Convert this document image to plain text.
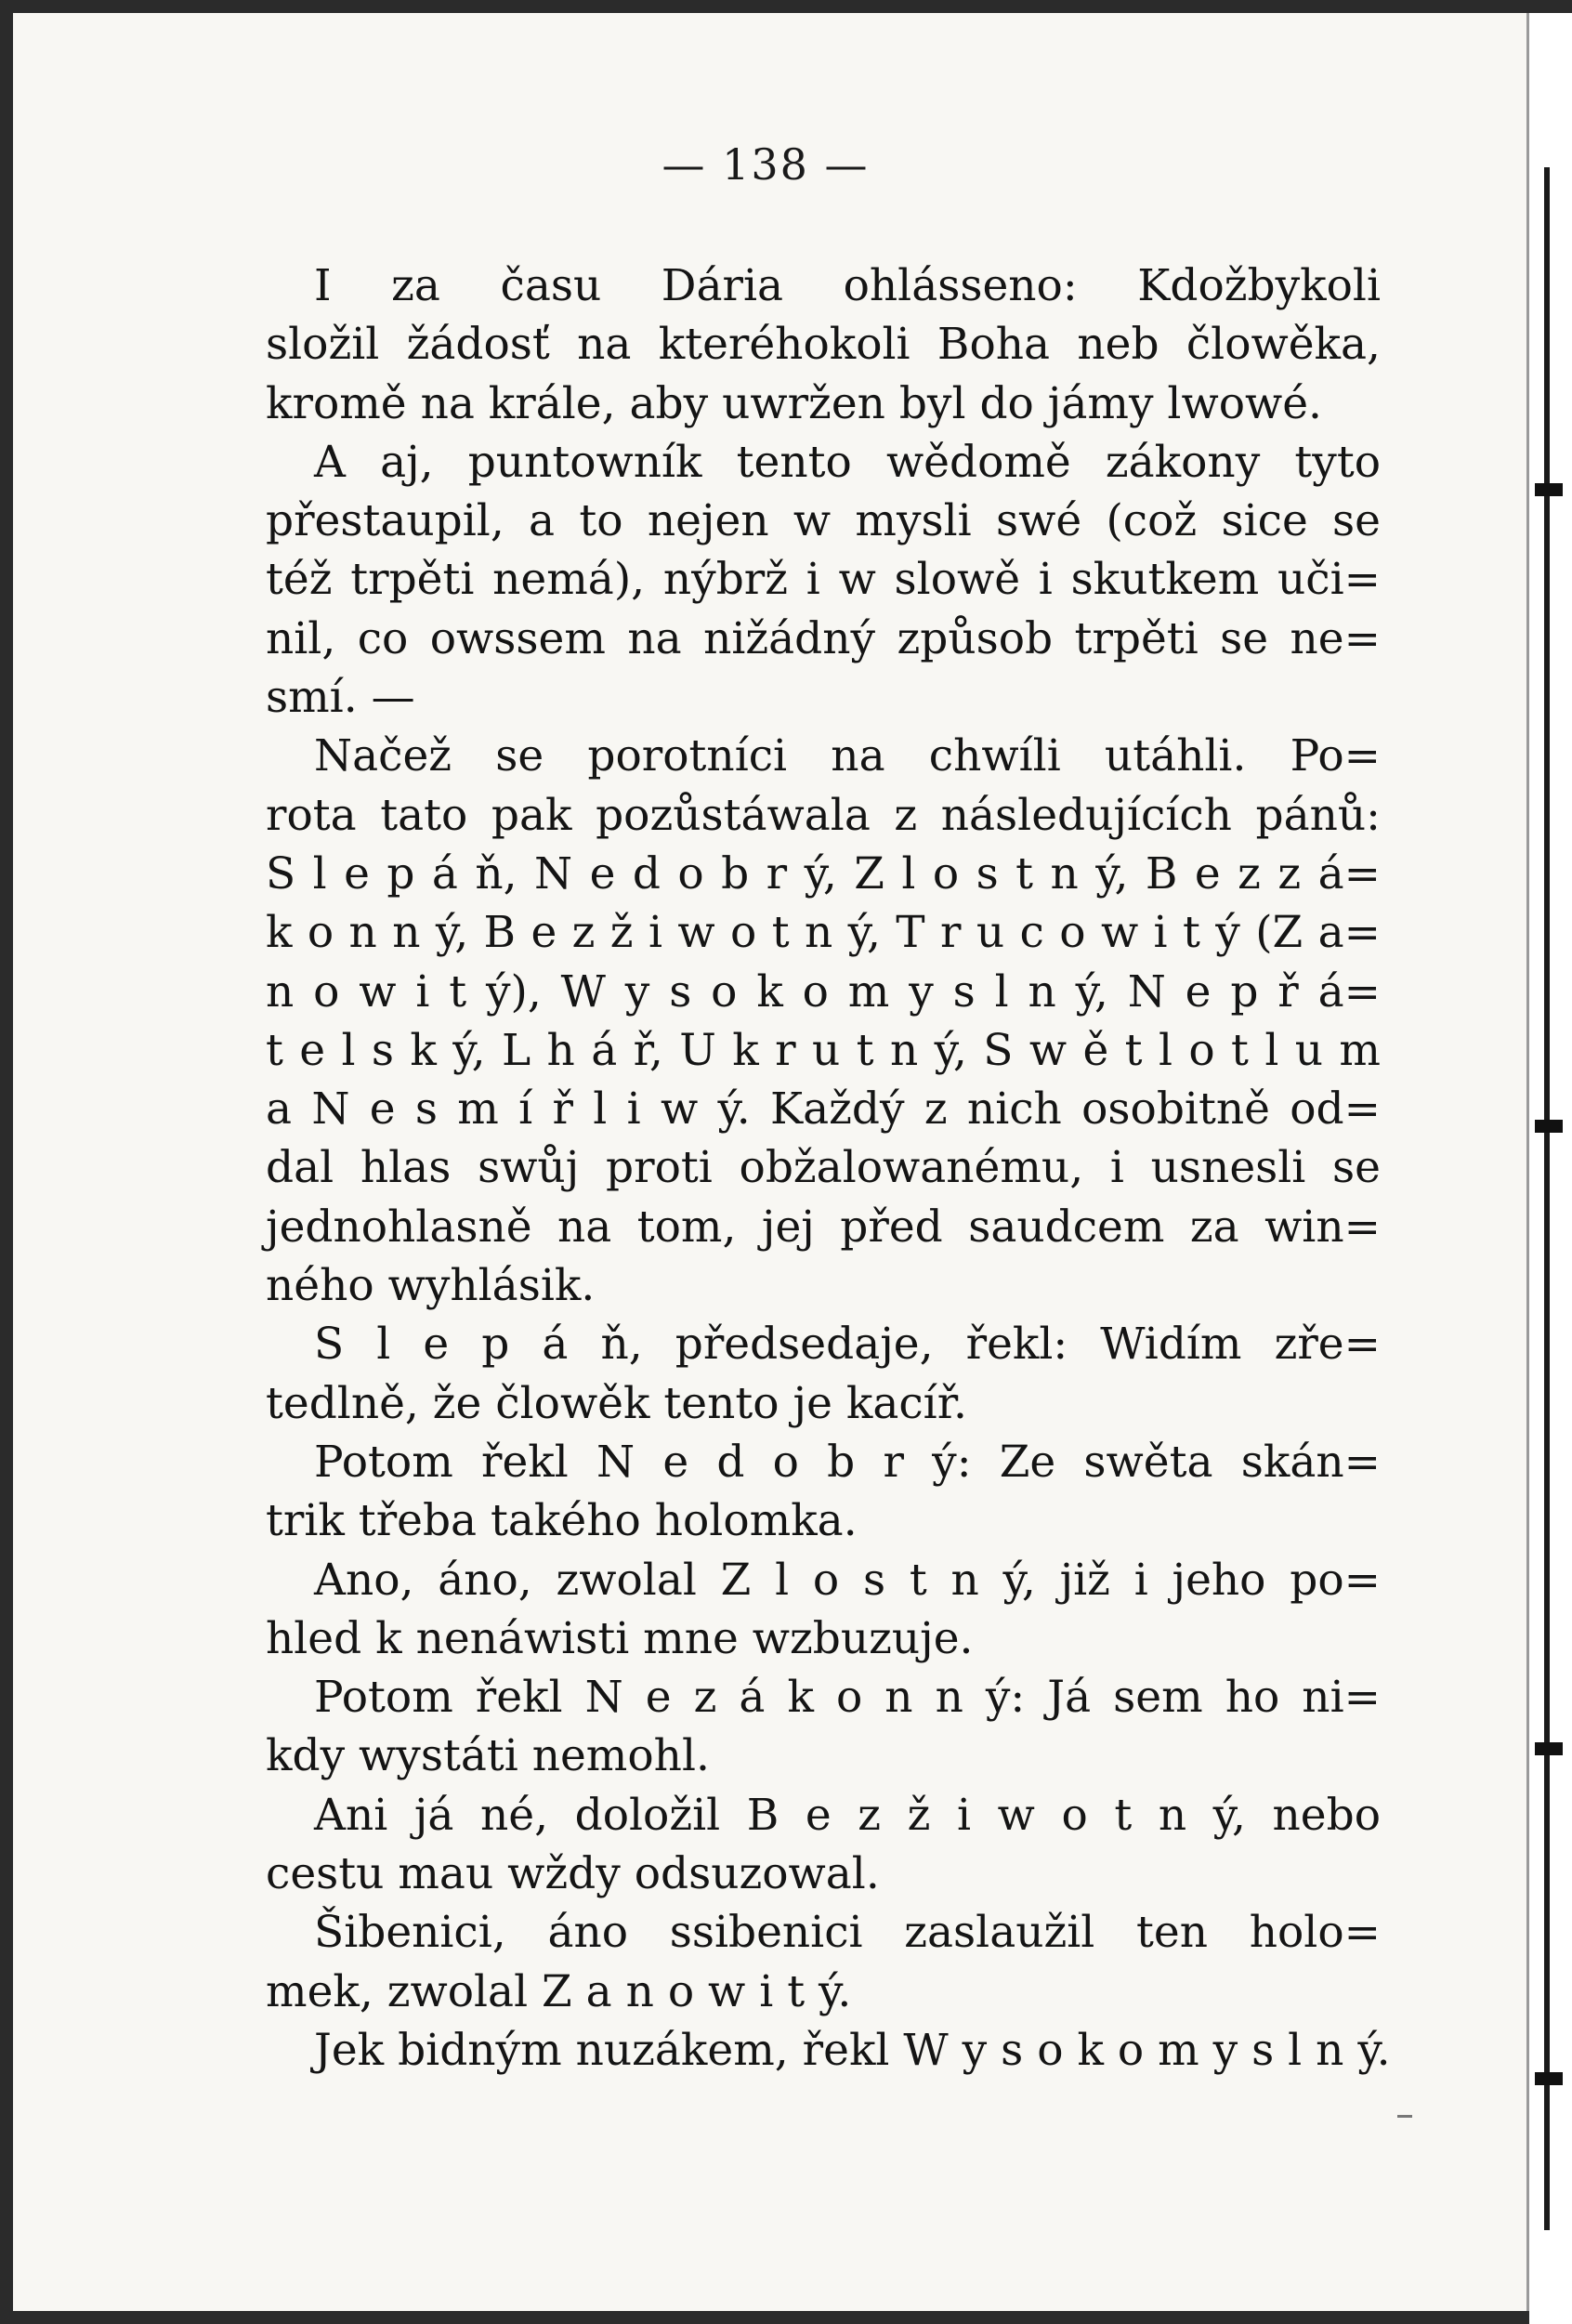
— 138 —
I za času Dária ohlássenо: Kdožbykoli
složil žádosť na kteréhokoli Boha neb člowěka,
kromě na krále, aby uwržen byl do jámy lwowé.
A aj, puntowník tento wědomě zákony tyto
přestaupil, a to nejen w mysli swé (což sice se
též trpěti nemá), nýbrž i w slowě i skutkem uči=
nil, co owssem na nižádný způsob trpěti se ne=
smí. —
Načež se porotníci na chwíli utáhli. Po=
rota tato pak pozůstáwala z následujících pánů:
S l e p á ň, N e d o b r ý, Z l o s t n ý, B e z z á=
k o n n ý, B e z ž i w o t n ý, T r u c o w i t ý (Z a=
n o w i t ý), W y s o k o m y s l n ý, N e p ř á=
t e l s k ý, L h á ř, U k r u t n ý, S w ě t l o t l u m
a N e s m í ř l i w ý. Každý z nich osobitně od=
dal hlas swůj proti obžalowanému, i usnesli se
jednohlasně na tom, jej před saudcem za win=
ného wyhlásik.
S l e p á ň, předsedaje, řekl: Widím zře=
tedlně, že člowěk tento je kacíř.
Potom řekl N e d o b r ý: Ze swěta skán=
trik třeba takého holomka.
Ano, áno, zwolal Z l o s t n ý, již i jeho po=
hled k nenáwisti mne wzbuzuje.
Potom řekl N e z á k o n n ý: Já sem ho ni=
kdy wystáti nemohl.
Ani já né, doložil B e z ž i w o t n ý, nebo
cestu mau wždy odsuzowal.
Šibenici, áno ssibenici zaslaužil ten holo=
mek, zwolal Z a n o w i t ý.
Jek bidným nuzákem, řekl W y s o k o m y s l n ý.
